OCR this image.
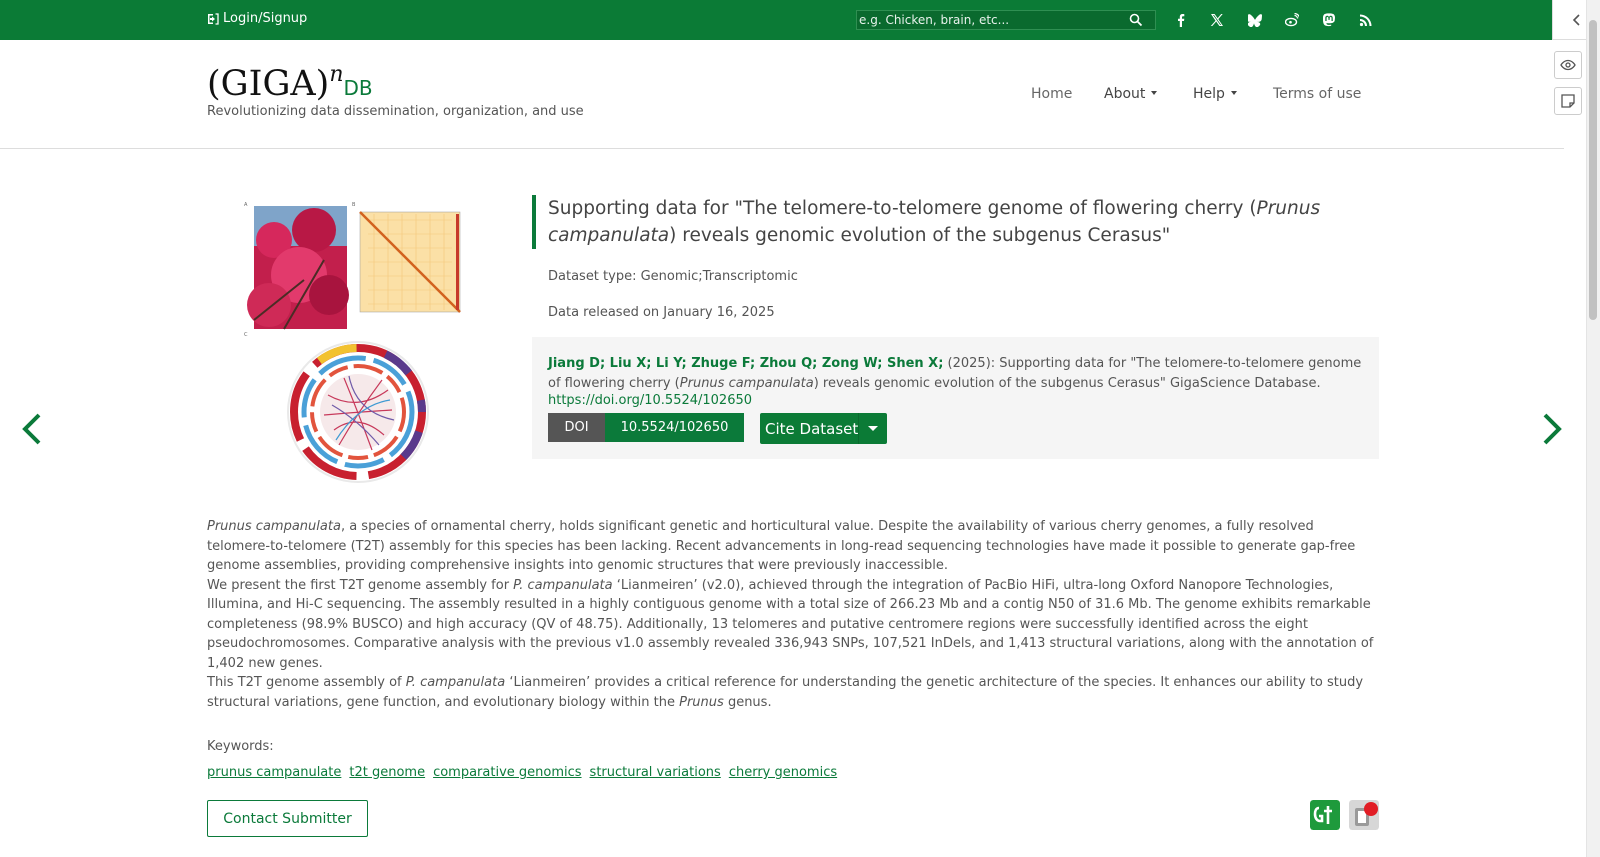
Login/Signup
e.g. Chicken, brain, etc...
(GIGA)$^n$DB
Revolutionizing data dissemination, organization, and use
Home About	Help	Terms of use
A	B
C
Supporting data for "The telomere-to-telomere genome of flowering cherry (Prunus campanulata) reveals genomic evolution of the subgenus Cerasus"
Dataset type: Genomic;Transcriptomic
Data released on January 16, 2025
Jiang D; Liu X; Li Y; Zhuge F; Zhou Q; Zong W; Shen X; (2025): Supporting data for "The telomere-to-telomere genome of flowering cherry (Prunus campanulata) reveals genomic evolution of the subgenus Cerasus" GigaScience Database.
https://doi.org/10.5524/102650
DOI	10.5524/102650	Cite Dataset

Prunus campanulata, a species of ornamental cherry, holds significant genetic and horticultural value. Despite the availability of various cherry genomes, a fully resolved telomere-to-telomere (T2T) assembly for this species has been lacking. Recent advancements in long-read sequencing technologies have made it possible to generate gap-free genome assemblies, providing comprehensive insights into genomic structures that were previously inaccessible.

We present the first T2T genome assembly for P. campanulata ‘Lianmeiren’ (v2.0), achieved through the integration of PacBio HiFi, ultra-long Oxford Nanopore Technologies, Illumina, and Hi-C sequencing. The assembly resulted in a highly contiguous genome with a total size of 266.23 Mb and a contig N50 of 31.6 Mb. The genome exhibits remarkable completeness (98.9% BUSCO) and high accuracy (QV of 48.75). Additionally, 13 telomeres and putative centromere regions were successfully identified across the eight pseudochromosomes. Comparative analysis with the previous v1.0 assembly revealed 336,943 SNPs, 107,521 InDels, and 1,413 structural variations, along with the annotation of 1,402 new genes.

This T2T genome assembly of P. campanulata ‘Lianmeiren’ provides a critical reference for understanding the genetic architecture of the species. It enhances our ability to study structural variations, gene function, and evolutionary biology within the Prunus genus.

Keywords:
prunus campanulate t2t genome comparative genomics structural variations cherry genomics
Contact Submitter
